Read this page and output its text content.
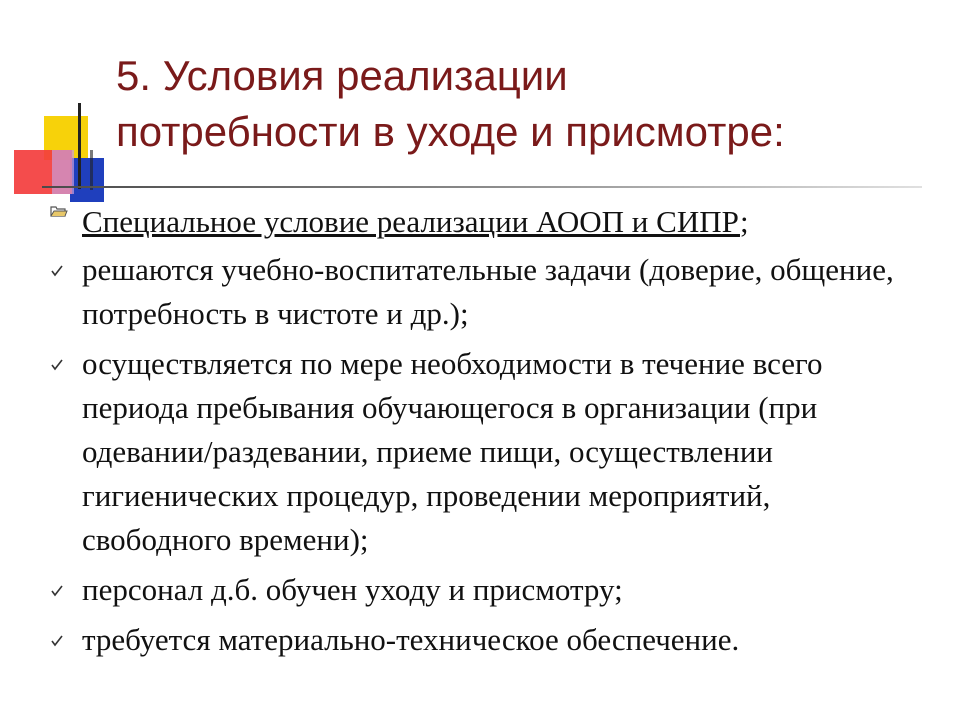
5. Условия реализации
потребности в уходе и присмотре:
Специальное условие реализации АООП и СИПР;
решаются учебно-воспитательные задачи (доверие, общение, потребность в чистоте и др.);
осуществляется по мере необходимости в течение всего периода пребывания обучающегося в организации (при одевании/раздевании, приеме пищи, осуществлении гигиенических процедур, проведении мероприятий, свободного времени);
персонал д.б. обучен уходу и присмотру;
требуется материально-техническое обеспечение.
